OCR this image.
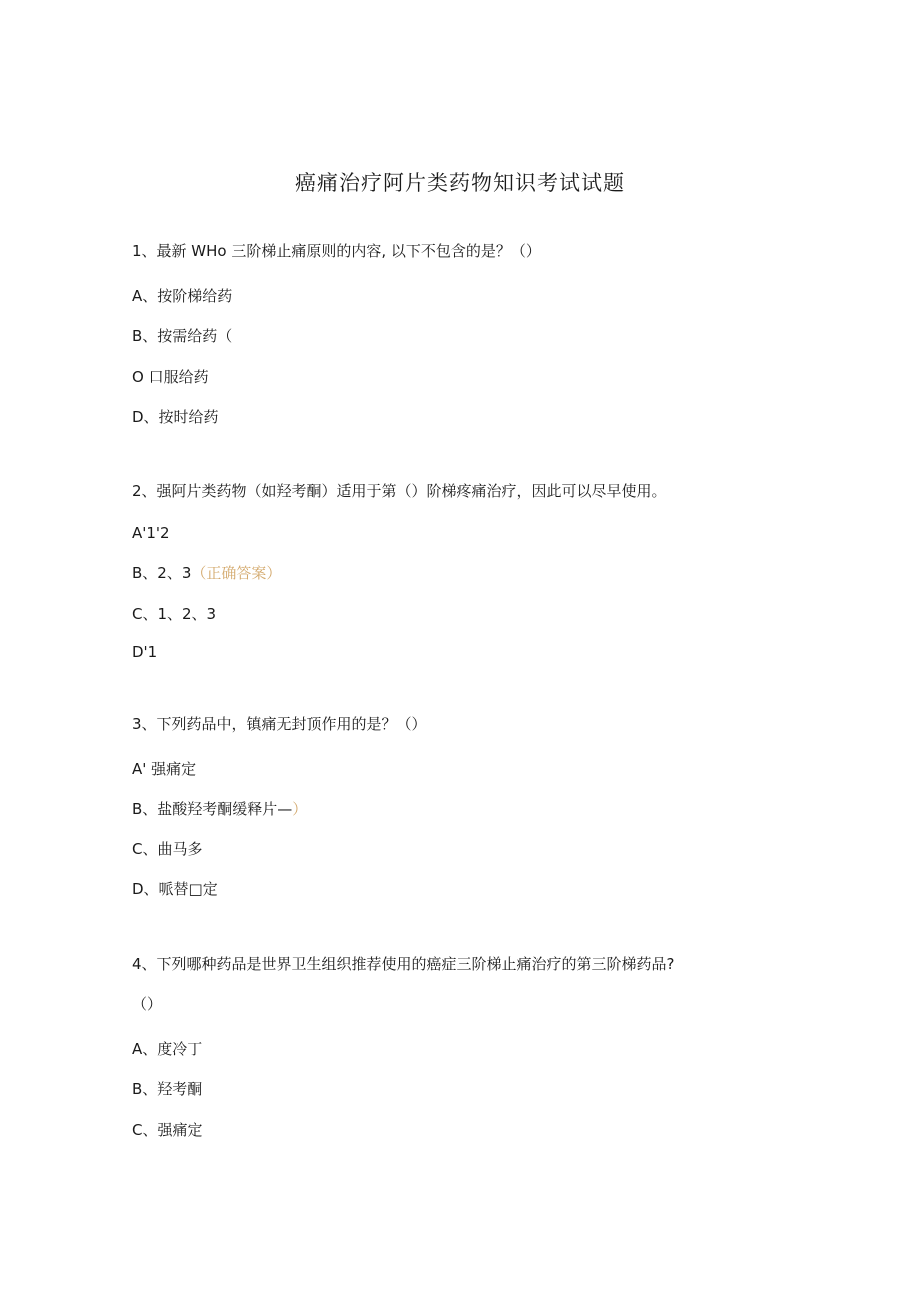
癌痛治疗阿片类药物知识考试试题
1、最新 WHo 三阶梯止痛原则的内容, 以下不包含的是？（）
A、按阶梯给药
B、按需给药（
O 口服给药
D、按时给药
2、强阿片类药物（如羟考酮）适用于第（）阶梯疼痛治疗，因此可以尽早使用。
A'1'2
B、2、3（正确答案）
C、1、2、3
D'1
3、下列药品中，镇痛无封顶作用的是？（）
A' 强痛定
B、盐酸羟考酮缓释片—）
C、曲马多
D、哌替□定
4、下列哪种药品是世界卫生组织推荐使用的癌症三阶梯止痛治疗的第三阶梯药品?
（）
A、度冷丁
B、羟考酮
C、强痛定
